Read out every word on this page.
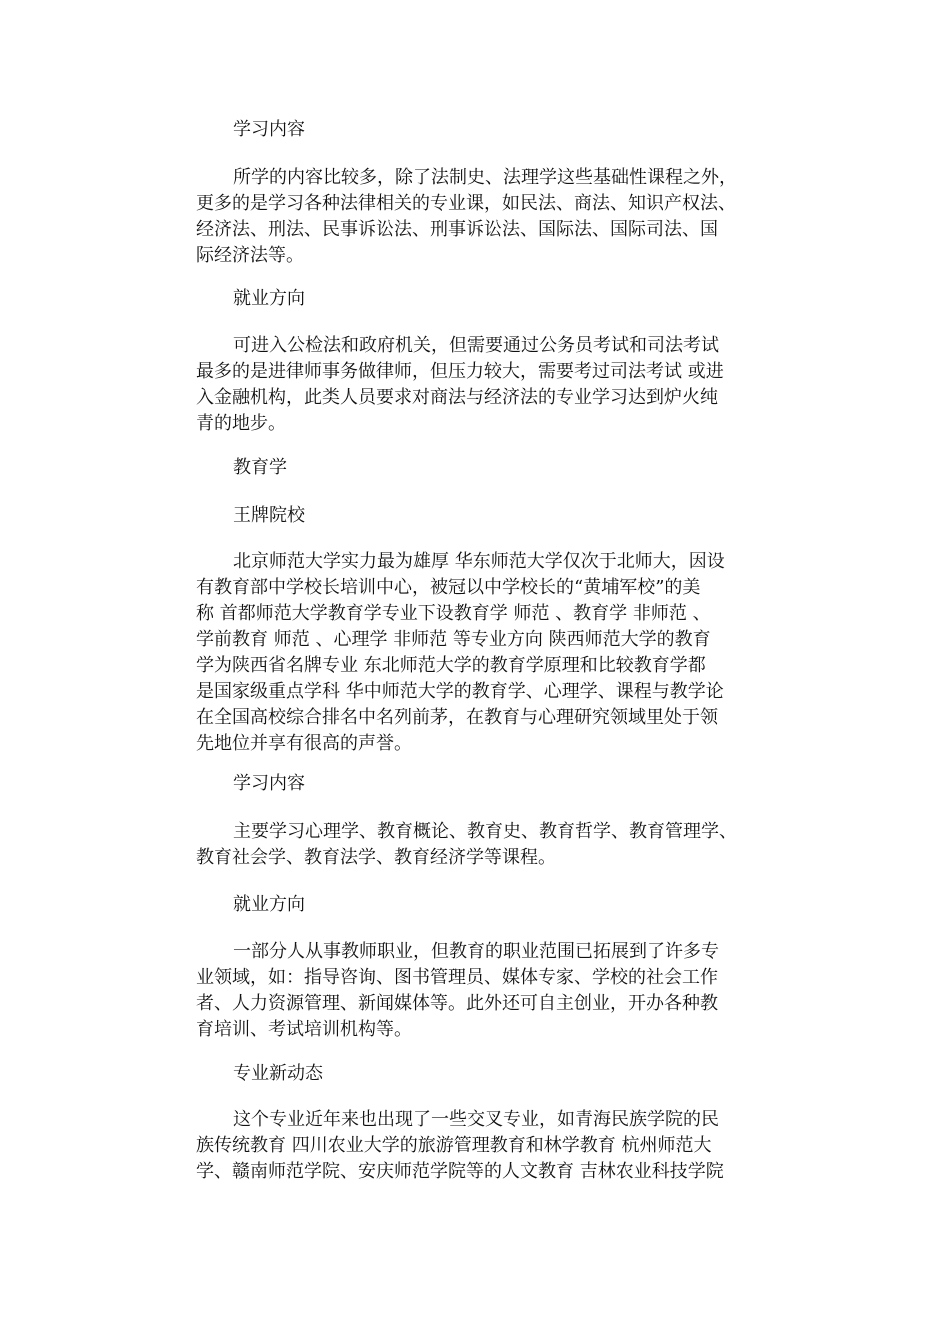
学习内容

所学的内容比较多，除了法制史、法理学这些基础性课程之外，
更多的是学习各种法律相关的专业课，如民法、商法、知识产权法、
经济法、刑法、民事诉讼法、刑事诉讼法、国际法、国际司法、国
际经济法等。

就业方向

可进入公检法和政府机关，但需要通过公务员考试和司法考试
最多的是进律师事务做律师，但压力较大，需要考过司法考试 或进
入金融机构，此类人员要求对商法与经济法的专业学习达到炉火纯
青的地步。

教育学

王牌院校

北京师范大学实力最为雄厚 华东师范大学仅次于北师大，因设
有教育部中学校长培训中心，被冠以中学校长的“黄埔军校”的美
称 首都师范大学教育学专业下设教育学 师范 、教育学 非师范 、
学前教育 师范 、心理学 非师范 等专业方向 陕西师范大学的教育
学为陕西省名牌专业 东北师范大学的教育学原理和比较教育学都
是国家级重点学科 华中师范大学的教育学、心理学、课程与教学论
在全国高校综合排名中名列前茅，在教育与心理研究领域里处于领
先地位并享有很高的声誉。

学习内容

主要学习心理学、教育概论、教育史、教育哲学、教育管理学、
教育社会学、教育法学、教育经济学等课程。

就业方向

一部分人从事教师职业，但教育的职业范围已拓展到了许多专
业领域，如：指导咨询、图书管理员、媒体专家、学校的社会工作
者、人力资源管理、新闻媒体等。此外还可自主创业，开办各种教
育培训、考试培训机构等。

专业新动态

这个专业近年来也出现了一些交叉专业，如青海民族学院的民
族传统教育 四川农业大学的旅游管理教育和林学教育 杭州师范大
学、赣南师范学院、安庆师范学院等的人文教育 吉林农业科技学院
